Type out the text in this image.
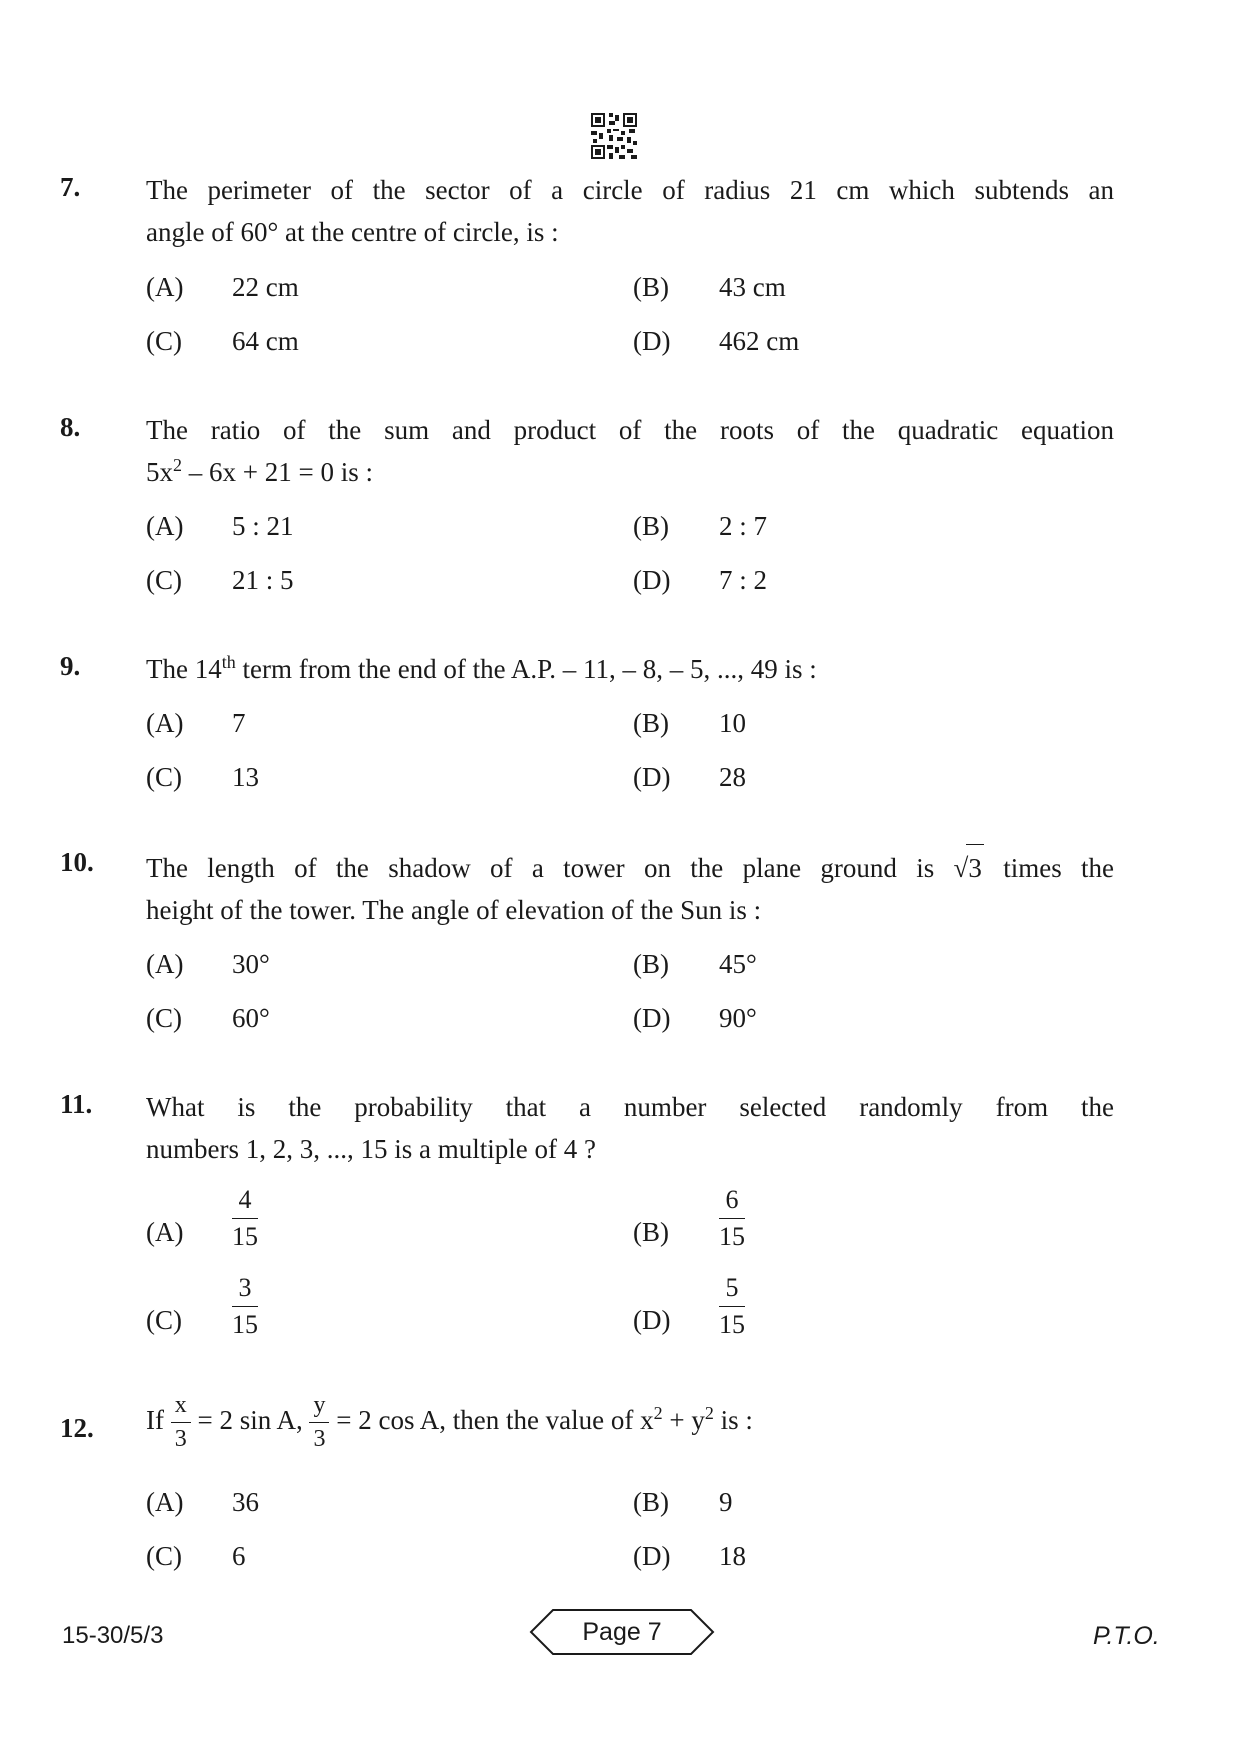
7. The perimeter of the sector of a circle of radius 21 cm which subtends an
angle of 60° at the centre of circle, is :
(A) 22 cm	(B) 43 cm
(C) 64 cm	(D) 462 cm
8. The ratio of the sum and product of the roots of the quadratic equation
$5x^2 - 6x + 21 = 0$ is :
(A) 5 : 21	(B) 2 : 7
(C) 21 : 5	(D) 7 : 2
9. The 14th term from the end of the A.P. – 11, – 8, – 5, ..., 49 is :
(A) 7	(B) 10
(C) 13	(D) 28
10. The length of the shadow of a tower on the plane ground is √3 times the
height of the tower. The angle of elevation of the Sun is :
(A) 30°	(B) 45°
(C) 60°	(D) 90°
11. What is the probability that a number selected randomly from the
numbers 1, 2, 3, ..., 15 is a multiple of 4 ?
$(A) \frac{4}{15}$	$(B) \frac{6}{15}$
$(C) \frac{3}{15}$	$(D) \frac{5}{15}$
12. If $\frac{x}{3} = 2$ sin A, $\frac{y}{3} = 2$ cos A, then the value of $x^2 + y^2$ is :
(A) 36	(B) 9
(C) 6	(D) 18
15-30/5/3	Page 7	P.T.O.
